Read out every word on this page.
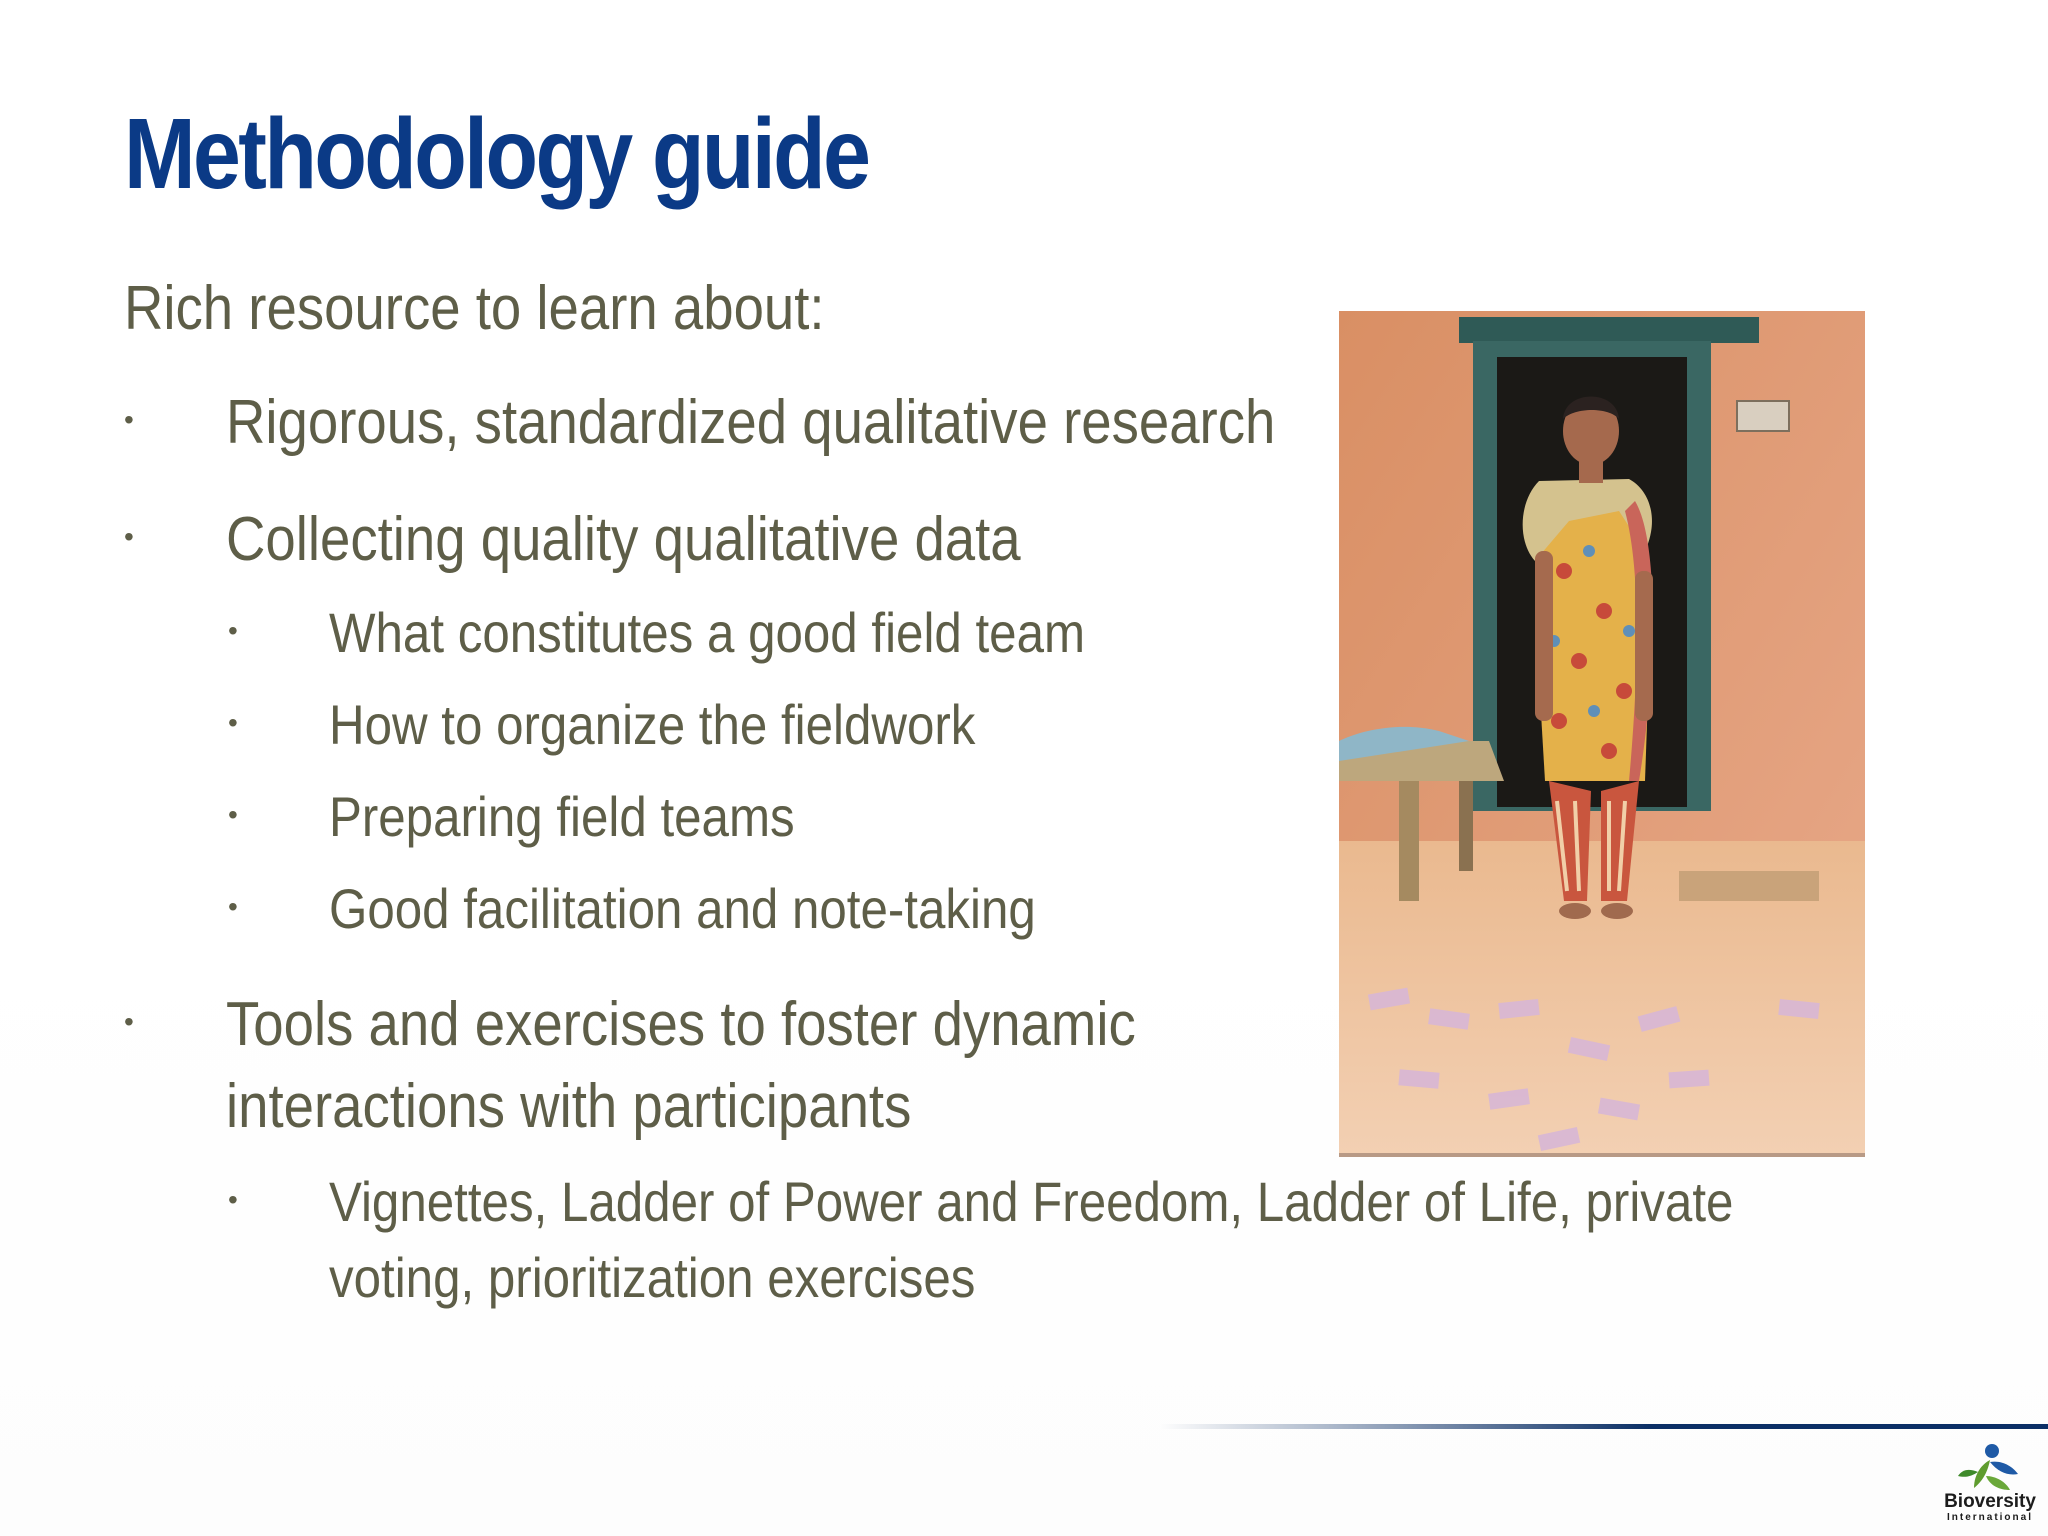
Methodology guide

Rich resource to learn about:

• Rigorous, standardized qualitative research
• Collecting quality qualitative data
• What constitutes a good field team
• How to organize the fieldwork
• Preparing field teams
• Good facilitation and note-taking
• Tools and exercises to foster dynamic
interactions with participants
• Vignettes, Ladder of Power and Freedom, Ladder of Life, private
voting, prioritization exercises
Bioversity
International
